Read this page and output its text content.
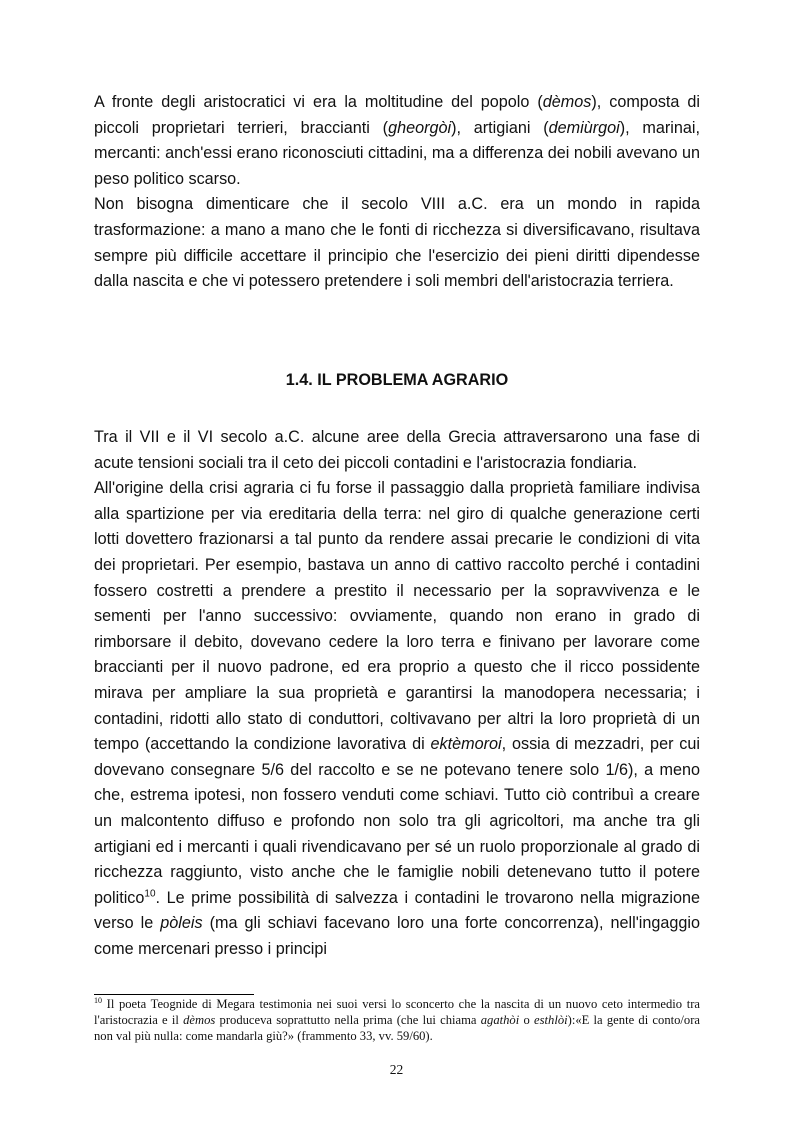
A fronte degli aristocratici vi era la moltitudine del popolo (dèmos), composta di piccoli proprietari terrieri, braccianti (gheorgòi), artigiani (demiùrgoi), marinai, mercanti: anch'essi erano riconosciuti cittadini, ma a differenza dei nobili avevano un peso politico scarso.

Non bisogna dimenticare che il secolo VIII a.C. era un mondo in rapida trasformazione: a mano a mano che le fonti di ricchezza si diversificavano, risultava sempre più difficile accettare il principio che l'esercizio dei pieni diritti dipendesse dalla nascita e che vi potessero pretendere i soli membri dell'aristocrazia terriera.

1.4. IL PROBLEMA AGRARIO

Tra il VII e il VI secolo a.C. alcune aree della Grecia attraversarono una fase di acute tensioni sociali tra il ceto dei piccoli contadini e l'aristocrazia fondiaria.

All'origine della crisi agraria ci fu forse il passaggio dalla proprietà familiare indivisa alla spartizione per via ereditaria della terra: nel giro di qualche generazione certi lotti dovettero frazionarsi a tal punto da rendere assai precarie le condizioni di vita dei proprietari. Per esempio, bastava un anno di cattivo raccolto perché i contadini fossero costretti a prendere a prestito il necessario per la sopravvivenza e le sementi per l'anno successivo: ovviamente, quando non erano in grado di rimborsare il debito, dovevano cedere la loro terra e finivano per lavorare come braccianti per il nuovo padrone, ed era proprio a questo che il ricco possidente mirava per ampliare la sua proprietà e garantirsi la manodopera necessaria; i contadini, ridotti allo stato di conduttori, coltivavano per altri la loro proprietà di un tempo (accettando la condizione lavorativa di ektèmoroi, ossia di mezzadri, per cui dovevano consegnare 5/6 del raccolto e se ne potevano tenere solo 1/6), a meno che, estrema ipotesi, non fossero venduti come schiavi. Tutto ciò contribuì a creare un malcontento diffuso e profondo non solo tra gli agricoltori, ma anche tra gli artigiani ed i mercanti i quali rivendicavano per sé un ruolo proporzionale al grado di ricchezza raggiunto, visto anche che le famiglie nobili detenevano tutto il potere politico$^{10}$. Le prime possibilità di salvezza i contadini le trovarono nella migrazione verso le pòleis (ma gli schiavi facevano loro una forte concorrenza), nell'ingaggio come mercenari presso i principi

$^{10}$ Il poeta Teognide di Megara testimonia nei suoi versi lo sconcerto che la nascita di un nuovo ceto intermedio tra l'aristocrazia e il dèmos produceva soprattutto nella prima (che lui chiama agathòi o esthlòi):«E la gente di conto/ora non val più nulla: come mandarla giù?» (frammento 33, vv. 59/60).

22
